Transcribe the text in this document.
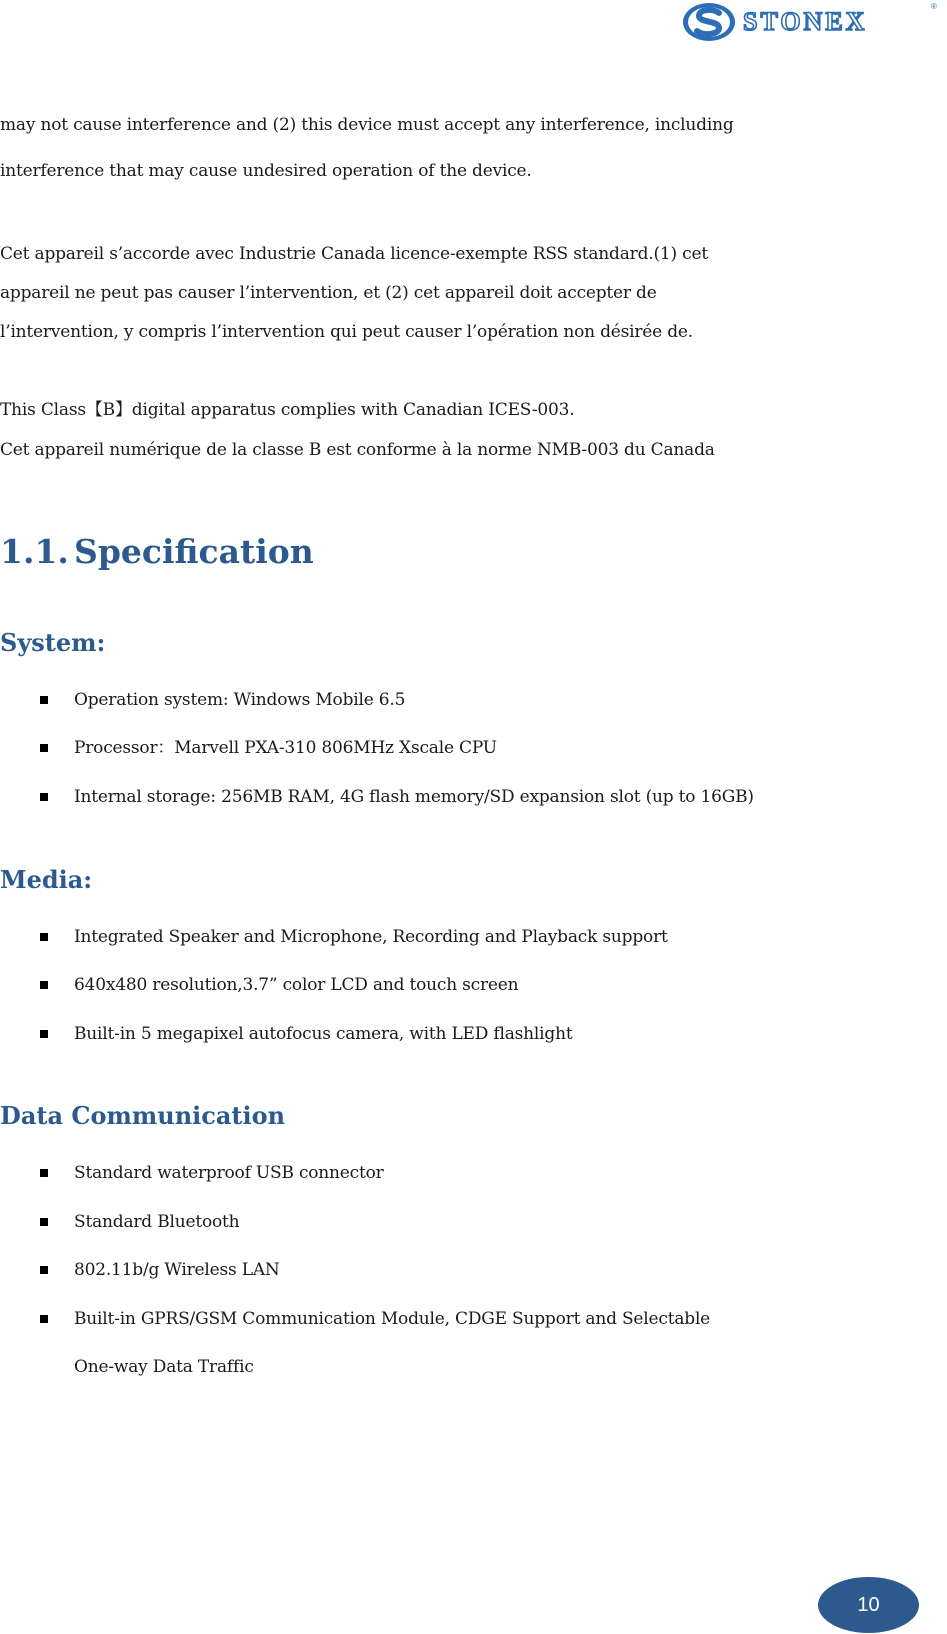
STONEX
®
may not cause interference and (2) this device must accept any interference, including
interference that may cause undesired operation of the device.
Cet appareil s’accorde avec Industrie Canada licence-exempte RSS standard.(1) cet
appareil ne peut pas causer l’intervention, et (2) cet appareil doit accepter de
l’intervention, y compris l’intervention qui peut causer l’opération non désirée de.
This Class【B】digital apparatus complies with Canadian ICES-003.
Cet appareil numérique de la classe B est conforme à la norme NMB-003 du Canada
1.1. Specification
System:
Operation system: Windows Mobile 6.5
Processor：Marvell PXA-310 806MHz Xscale CPU
Internal storage: 256MB RAM, 4G flash memory/SD expansion slot (up to 16GB)
Media:
Integrated Speaker and Microphone, Recording and Playback support
640x480 resolution,3.7” color LCD and touch screen
Built-in 5 megapixel autofocus camera, with LED flashlight
Data Communication
Standard waterproof USB connector
Standard Bluetooth
802.11b/g Wireless LAN
Built-in GPRS/GSM Communication Module, CDGE Support and Selectable
One-way Data Traffic
10
